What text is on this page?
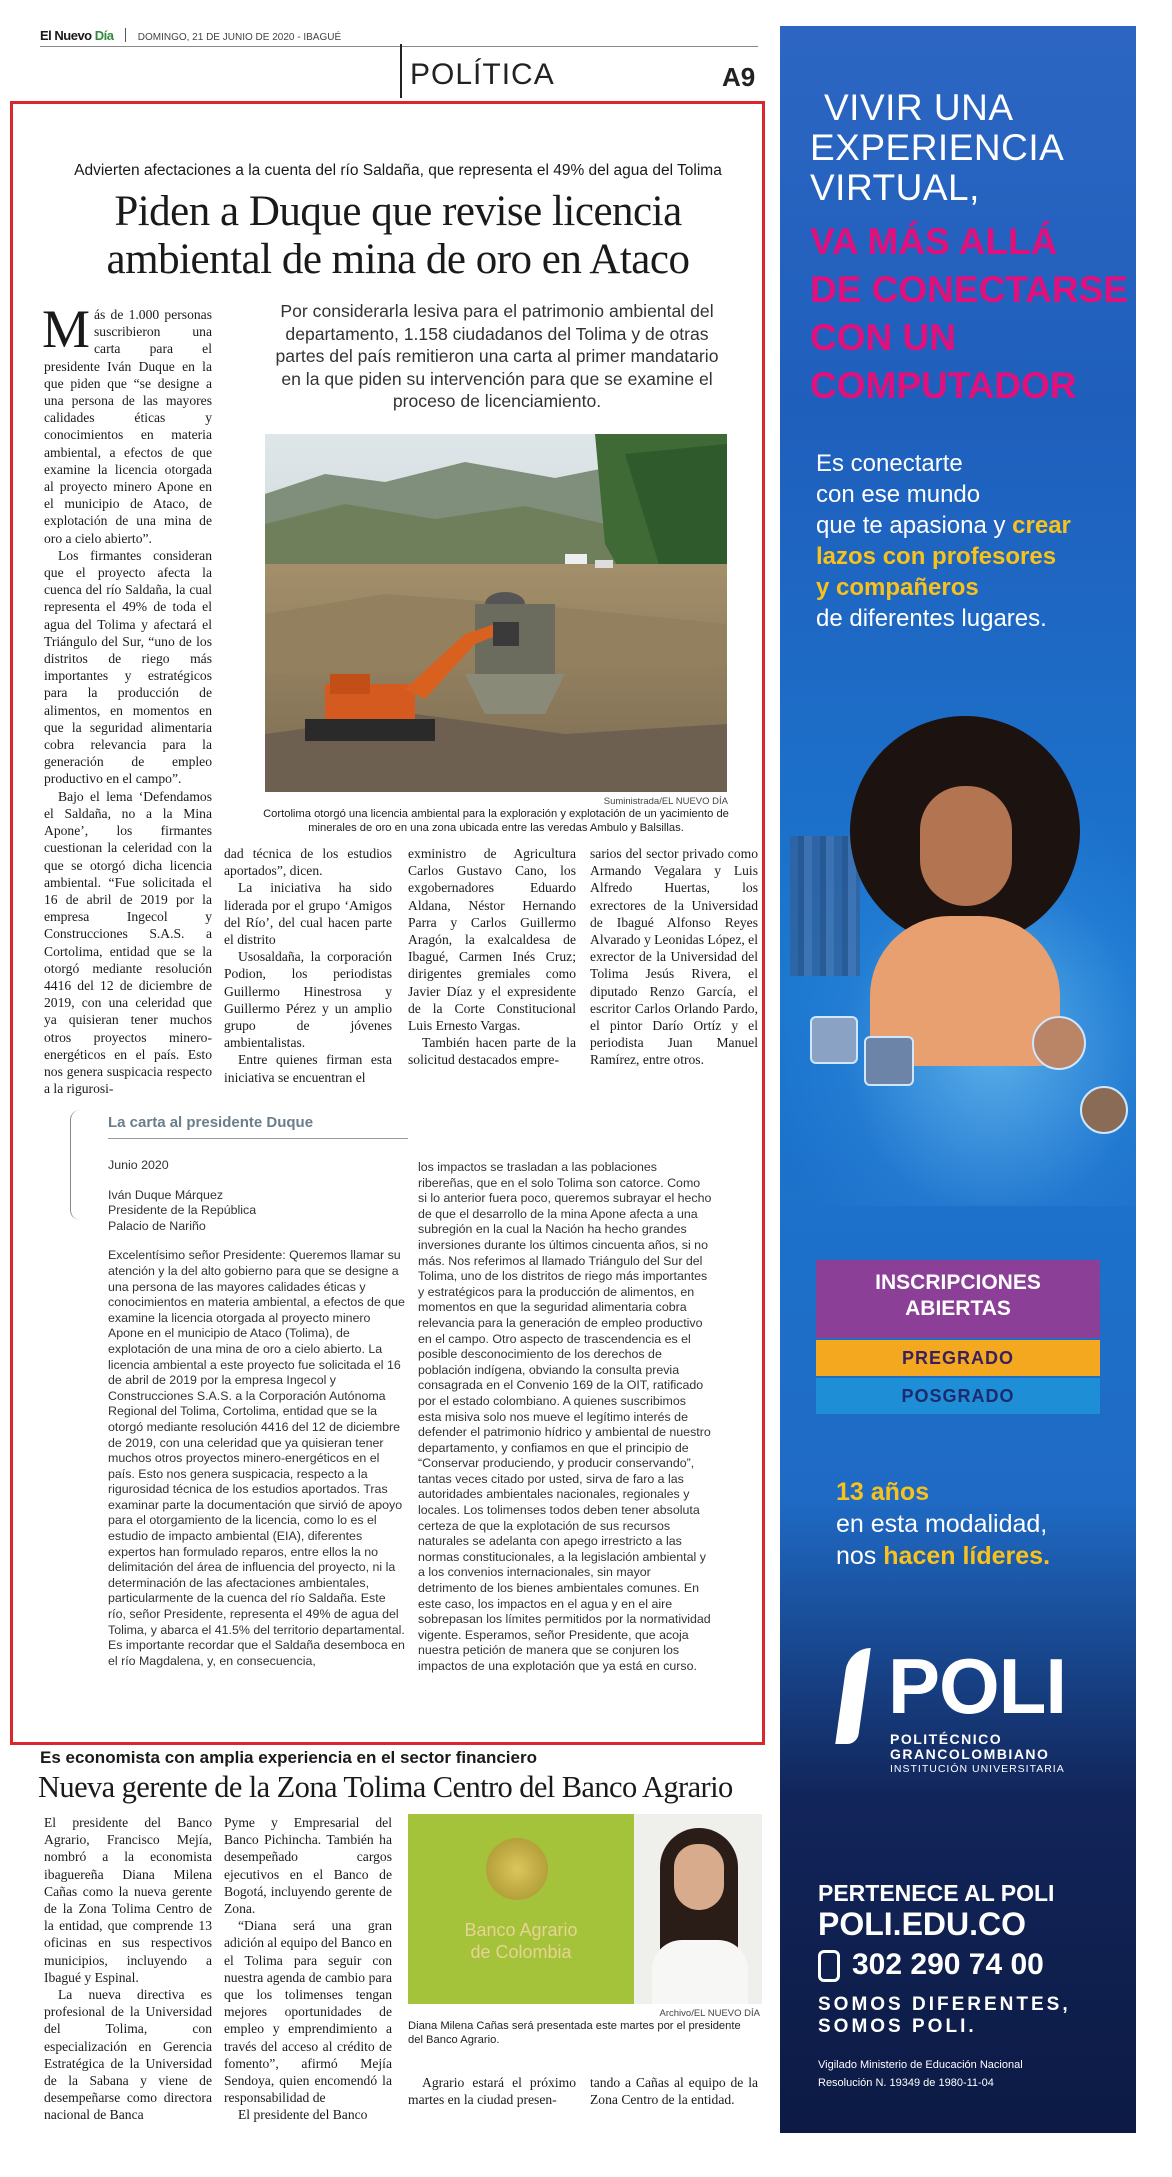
El Nuevo Día DOMINGO, 21 DE JUNIO DE 2020 - IBAGUÉ
POLÍTICA	A9
Advierten afectaciones a la cuenta del río Saldaña, que representa el 49% del agua del Tolima
Piden a Duque que revise licencia
ambiental de mina de oro en Ataco
Por considerarla lesiva para el patrimonio ambiental del departamento, 1.158 ciudadanos del Tolima y de otras partes del país remitieron una carta al primer mandatario en la que piden su intervención para que se examine el proceso de licenciamiento.

Más de 1.000 personas suscribieron una carta para el presidente Iván Duque en la que piden que “se designe a una persona de las mayores calidades éticas y conocimientos en materia ambiental, a efectos de que examine la licencia otorgada al proyecto minero Apone en el municipio de Ataco, de explotación de una mina de oro a cielo abierto”.

Los firmantes consideran que el proyecto afecta la cuenca del río Saldaña, la cual representa el 49% de toda el agua del Tolima y afectará el Triángulo del Sur, “uno de los distritos de riego más importantes y estratégicos para la producción de alimentos, en momentos en que la seguridad alimentaria cobra relevancia para la generación de empleo productivo en el campo”.

Bajo el lema ‘Defendamos el Saldaña, no a la Mina Apone’, los firmantes cuestionan la celeridad con la que se otorgó dicha licencia ambiental. “Fue solicitada el 16 de abril de 2019 por la empresa Ingecol y Construcciones S.A.S. a Cortolima, entidad que se la otorgó mediante resolución 4416 del 12 de diciembre de 2019, con una celeridad que ya quisieran tener muchos otros proyectos minero-energéticos en el país. Esto nos genera suspicacia respecto a la rigurosi-

Suministrada/EL NUEVO DÍA
Cortolima otorgó una licencia ambiental para la exploración y explotación de un yacimiento de minerales de oro en una zona ubicada entre las veredas Ambulo y Balsillas.

dad técnica de los estudios aportados”, dicen.

La iniciativa ha sido liderada por el grupo ‘Amigos del Río’, del cual hacen parte el distrito

Usosaldaña, la corporación Podion, los periodistas Guillermo Hinestrosa y Guillermo Pérez y un amplio grupo de jóvenes ambientalistas.

Entre quienes firman esta iniciativa se encuentran el

exministro de Agricultura Carlos Gustavo Cano, los exgobernadores Eduardo Aldana, Néstor Hernando Parra y Carlos Guillermo Aragón, la exalcaldesa de Ibagué, Carmen Inés Cruz; dirigentes gremiales como Javier Díaz y el expresidente de la Corte Constitucional Luis Ernesto Vargas.

También hacen parte de la solicitud destacados empre-

sarios del sector privado como Armando Vegalara y Luis Alfredo Huertas, los exrectores de la Universidad de Ibagué Alfonso Reyes Alvarado y Leonidas López, el exrector de la Universidad del Tolima Jesús Rivera, el diputado Renzo García, el escritor Carlos Orlando Pardo, el pintor Darío Ortíz y el periodista Juan Manuel Ramírez, entre otros.

La carta al presidente Duque

Junio 2020

Iván Duque Márquez

Presidente de la República

Palacio de Nariño

Excelentísimo señor Presidente: Queremos llamar su atención y la del alto gobierno para que se designe a una persona de las mayores calidades éticas y conocimientos en materia ambiental, a efectos de que examine la licencia otorgada al proyecto minero Apone en el municipio de Ataco (Tolima), de explotación de una mina de oro a cielo abierto. La licencia ambiental a este proyecto fue solicitada el 16 de abril de 2019 por la empresa Ingecol y Construcciones S.A.S. a la Corporación Autónoma Regional del Tolima, Cortolima, entidad que se la otorgó mediante resolución 4416 del 12 de diciembre de 2019, con una celeridad que ya quisieran tener muchos otros proyectos minero-energéticos en el país. Esto nos genera suspicacia, respecto a la rigurosidad técnica de los estudios aportados. Tras examinar parte la documentación que sirvió de apoyo para el otorgamiento de la licencia, como lo es el estudio de impacto ambiental (EIA), diferentes expertos han formulado reparos, entre ellos la no delimitación del área de influencia del proyecto, ni la determinación de las afectaciones ambientales, particularmente de la cuenca del río Saldaña. Este río, señor Presidente, representa el 49% de agua del Tolima, y abarca el 41.5% del territorio departamental. Es importante recordar que el Saldaña desemboca en el río Magdalena, y, en consecuencia,

los impactos se trasladan a las poblaciones ribereñas, que en el solo Tolima son catorce. Como si lo anterior fuera poco, queremos subrayar el hecho de que el desarrollo de la mina Apone afecta a una subregión en la cual la Nación ha hecho grandes inversiones durante los últimos cincuenta años, si no más. Nos referimos al llamado Triángulo del Sur del Tolima, uno de los distritos de riego más importantes y estratégicos para la producción de alimentos, en momentos en que la seguridad alimentaria cobra relevancia para la generación de empleo productivo en el campo. Otro aspecto de trascendencia es el posible desconocimiento de los derechos de población indígena, obviando la consulta previa consagrada en el Convenio 169 de la OIT, ratificado por el estado colombiano. A quienes suscribimos esta misiva solo nos mueve el legítimo interés de defender el patrimonio hídrico y ambiental de nuestro departamento, y confiamos en que el principio de “Conservar produciendo, y producir conservando”, tantas veces citado por usted, sirva de faro a las autoridades ambientales nacionales, regionales y locales. Los tolimenses todos deben tener absoluta certeza de que la explotación de sus recursos naturales se adelanta con apego irrestricto a las normas constitucionales, a la legislación ambiental y a los convenios internacionales, sin mayor detrimento de los bienes ambientales comunes. En este caso, los impactos en el agua y en el aire sobrepasan los límites permitidos por la normatividad vigente. Esperamos, señor Presidente, que acoja nuestra petición de manera que se conjuren los impactos de una explotación que ya está en curso.

Es economista con amplia experiencia en el sector financiero
Nueva gerente de la Zona Tolima Centro del Banco Agrario

El presidente del Banco Agrario, Francisco Mejía, nombró a la economista ibaguereña Diana Milena Cañas como la nueva gerente de la Zona Tolima Centro de la entidad, que comprende 13 oficinas en sus respectivos municipios, incluyendo a Ibagué y Espinal.

La nueva directiva es profesional de la Universidad del Tolima, con especialización en Gerencia Estratégica de la Universidad de la Sabana y viene de desempeñarse como directora nacional de Banca

Pyme y Empresarial del Banco Pichincha. También ha desempeñado cargos ejecutivos en el Banco de Bogotá, incluyendo gerente de Zona.

“Diana será una gran adición al equipo del Banco en el Tolima para seguir con nuestra agenda de cambio para que los tolimenses tengan mejores oportunidades de empleo y emprendimiento a través del acceso al crédito de fomento”, afirmó Mejía Sendoya, quien encomendó la responsabilidad de

El presidente del Banco

Banco Agrario
de Colombia
Archivo/EL NUEVO DÍA
Diana Milena Cañas será presentada este martes por el presidente del Banco Agrario.

Agrario estará el próximo martes en la ciudad presen-

tando a Cañas al equipo de la Zona Centro de la entidad.

VIVIR UNA
EXPERIENCIA
VIRTUAL,
VA MÁS ALLÁ
DE CONECTARSE
CON UN
COMPUTADOR
Es conectarte
con ese mundo
que te apasiona y crear
lazos con profesores
y compañeros
de diferentes lugares.
INSCRIPCIONES
ABIERTAS
PREGRADO
POSGRADO
13 años
en esta modalidad,
nos hacen líderes.
POLI
POLITÉCNICO
GRANCOLOMBIANO
INSTITUCIÓN UNIVERSITARIA
PERTENECE AL POLI
POLI.EDU.CO
302 290 74 00
SOMOS DIFERENTES,
SOMOS POLI.
Vigilado Ministerio de Educación Nacional
Resolución N. 19349 de 1980-11-04
